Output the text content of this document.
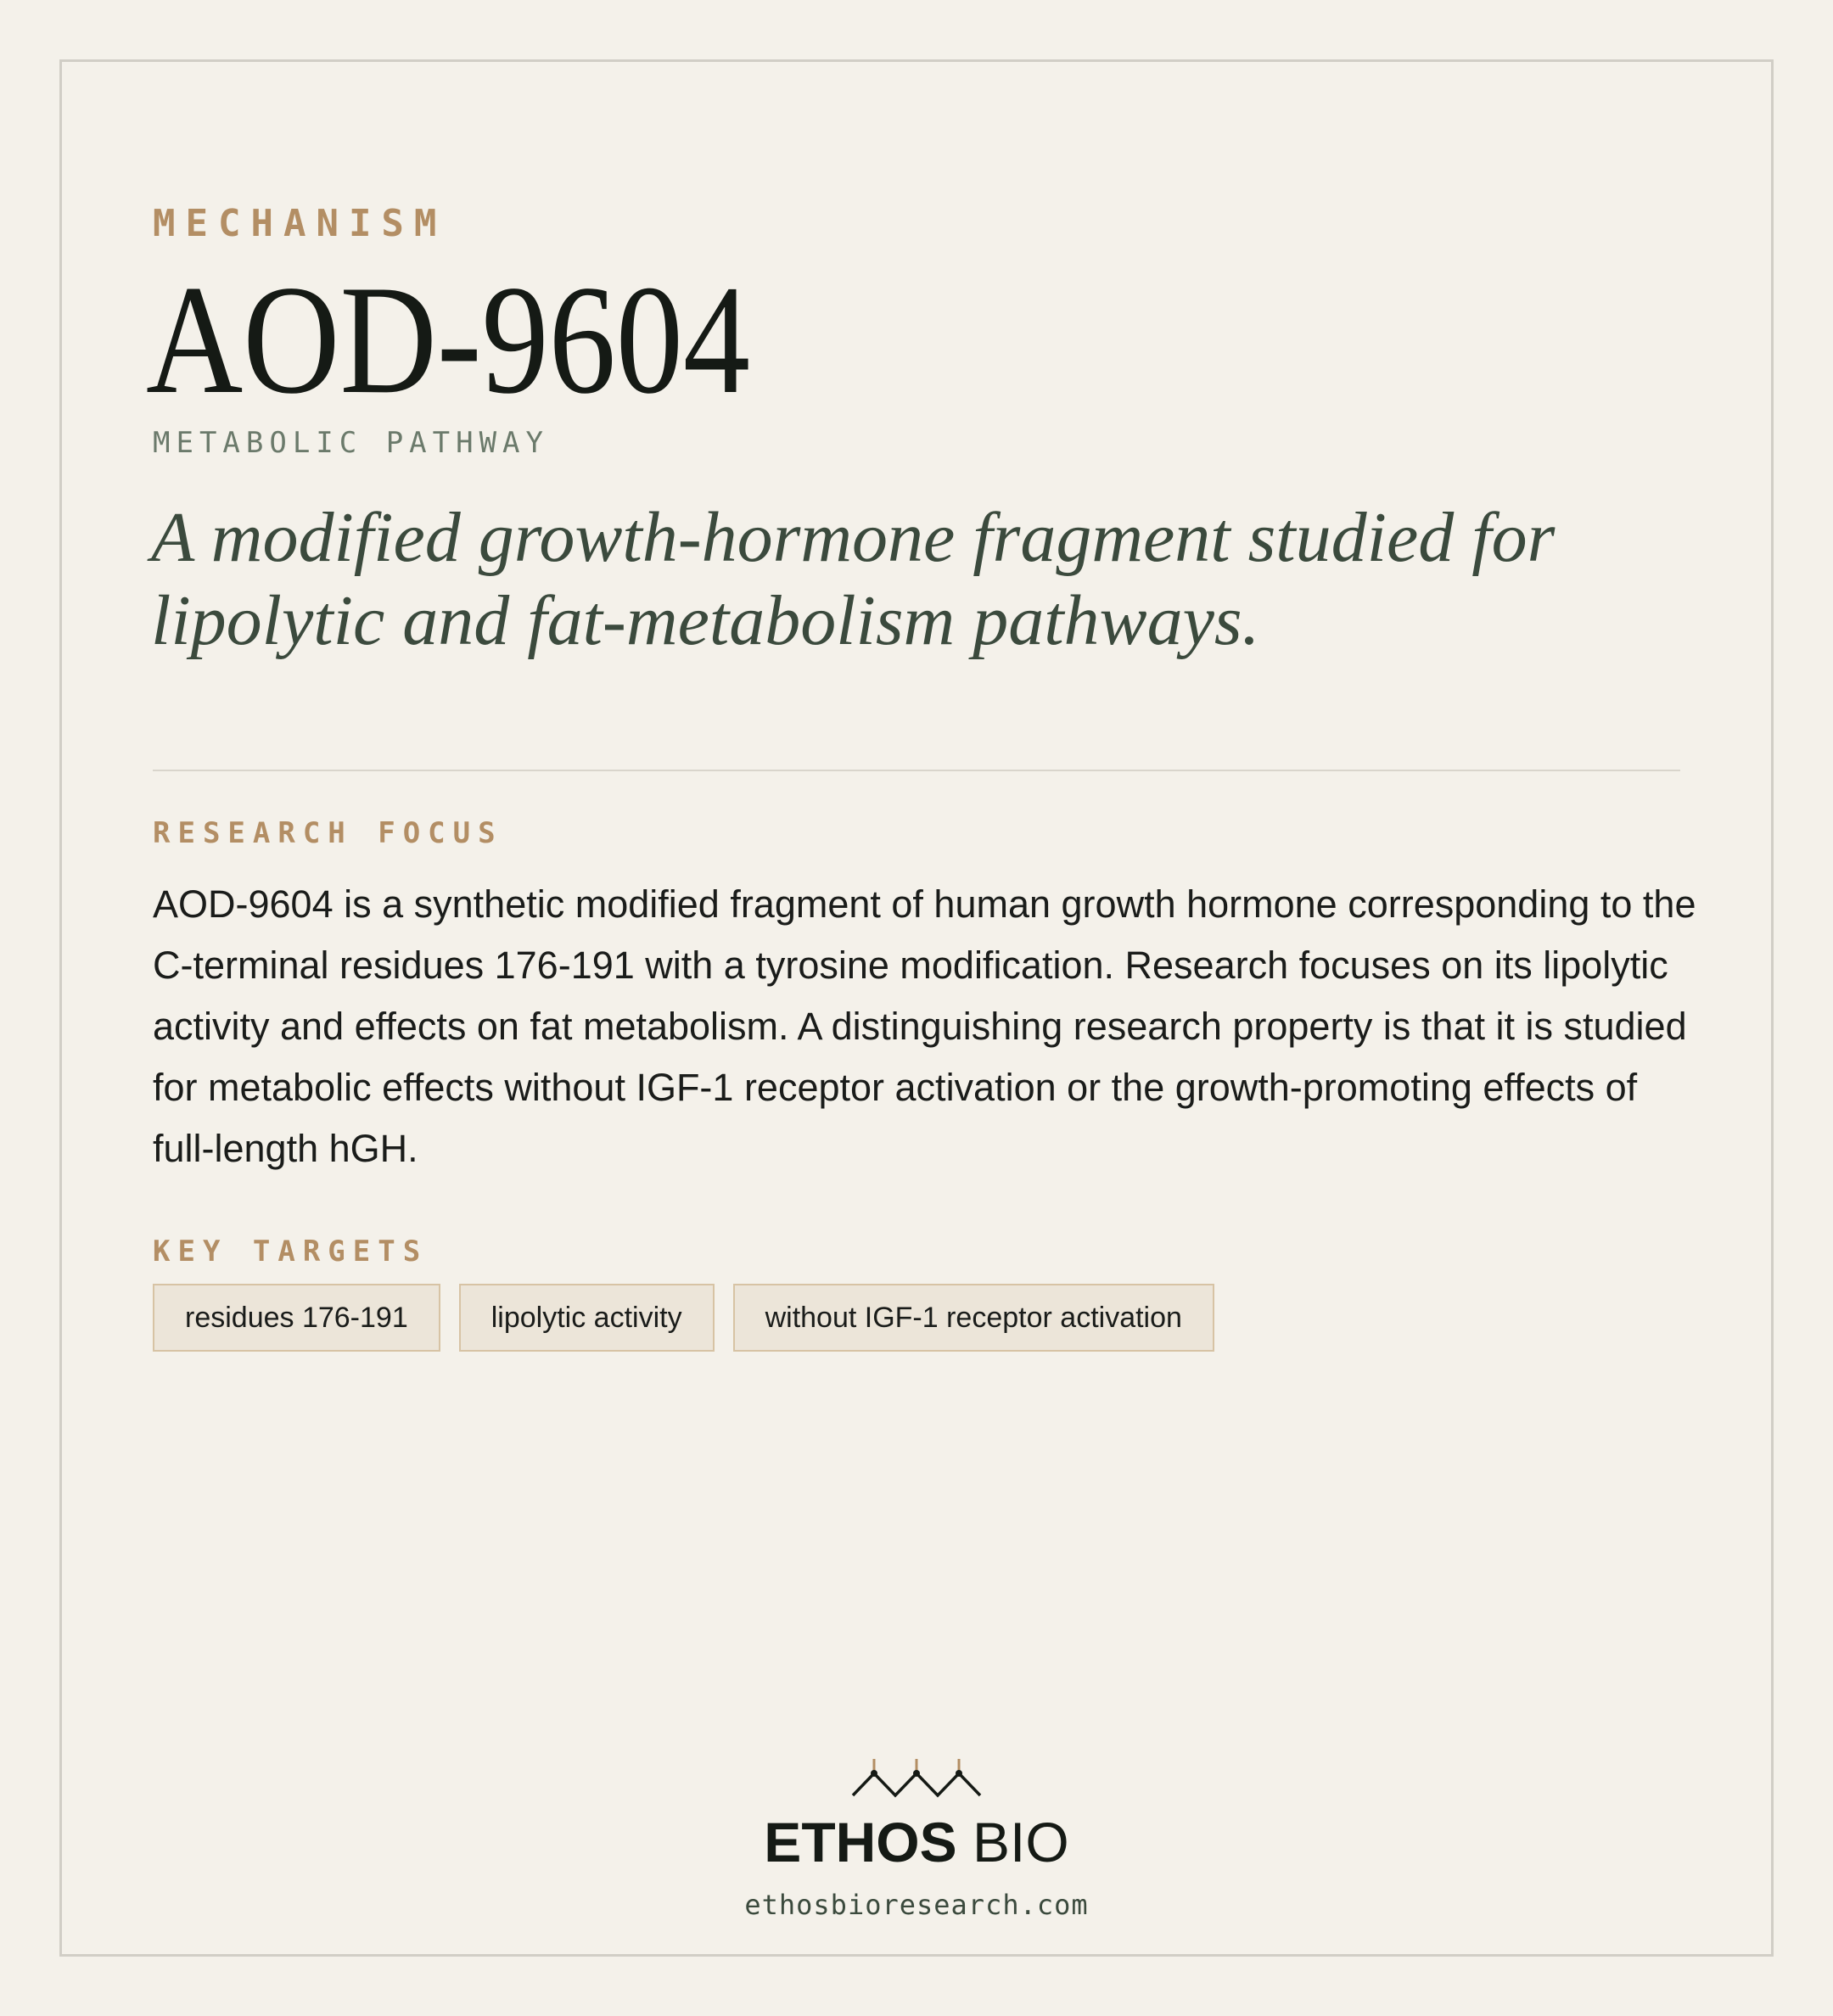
MECHANISM
AOD-9604
METABOLIC PATHWAY
A modified growth-hormone fragment studied for lipolytic and fat-metabolism pathways.
RESEARCH FOCUS
AOD-9604 is a synthetic modified fragment of human growth hormone corresponding to the C-terminal residues 176-191 with a tyrosine modification. Research focuses on its lipolytic activity and effects on fat metabolism. A distinguishing research property is that it is studied for metabolic effects without IGF-1 receptor activation or the growth-promoting effects of full-length hGH.
KEY TARGETS
residues 176-191	lipolytic activity	without IGF-1 receptor activation
ETHOS BIO
ethosbioresearch.com
